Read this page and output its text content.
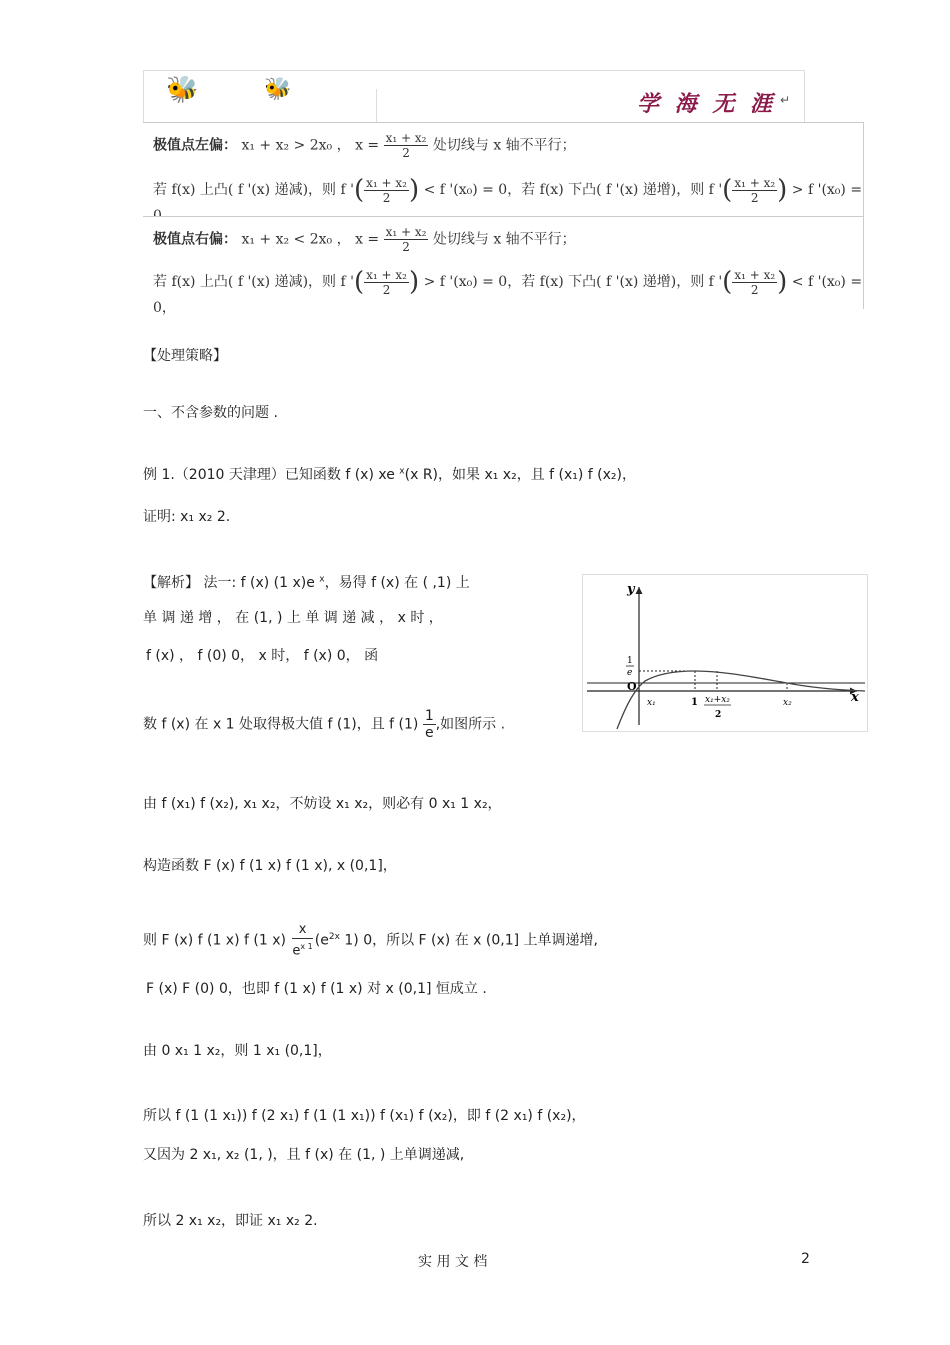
🐝	🐝
学 海 无 涯 ↵
极值点左偏： x₁ + x₂ > 2x₀ ， $x = \frac{\text{x₁ + x₂}}{2}$ 处切线与 x 轴不平行；
若 f(x) 上凸( f '(x) 递减)，则 f '( $\frac{\text{x₁ + x₂}}{2}$ ) < f '(x₀) = 0，若 f(x) 下凸( f '(x) 递增)，则 f '( $\frac{\text{x₁ + x₂}}{2}$ ) > f '(x₀) =
极值点右偏： x₁ + x₂ < 2x₀ ， $x = \frac{\text{x₁ + x₂}}{2}$ 处切线与 x 轴不平行；
若 f(x) 上凸( f '(x) 递减)，则 f '( $\frac{\text{x₁ + x₂}}{2}$ ) > f '(x₀) = 0，若 f(x) 下凸( f '(x) 递增)，则 f '( $\frac{\text{x₁ + x₂}}{2}$ ) < f '(x₀) = 0，
【处理策略】
一、不含参数的问题 .
例 1.（2010 天津理）已知函数 f (x) xe $^x$(x R)，如果 x₁ x₂，且 f (x₁) f (x₂)，
证明: x₁ x₂ 2.
【解析】 法一: f (x) (1 x)e $^x$，易得 f (x) 在 ( ,1) 上
单 调 递 增 ， 在 (1, ) 上 单 调 递 减 ， x 时 ，
f (x) ， f (0) 0， x 时， f (x) 0， 函
数 f (x) 在 x 1 处取得极大值 f (1)，且 f $(1) \frac{1}{e}$ ,如图所示 .
由 f (x₁) f (x₂), x₁ x₂，不妨设 x₁ x₂，则必有 0 x₁ 1 x₂，
构造函数 F (x) f (1 x) f (1 x), x (0,1]，
则 F (x) f (1 x) f (1 $x) \frac{x}{e^{x 1}} (e^{2x}$ 1) 0，所以 F (x) 在 x (0,1] 上单调递增,
F (x) F (0) 0，也即 f (1 x) f (1 x) 对 x (0,1] 恒成立 .
由 0 x₁ 1 x₂，则 1 x₁ (0,1]，
所以 f (1 (1 x₁)) f (2 x₁) f (1 (1 x₁)) f (x₁) f (x₂)，即 f (2 x₁) f (x₂)，
又因为 2 x₁, x₂ (1, )，且 f (x) 在 (1, ) 上单调递减,
所以 2 x₁ x₂，即证 x₁ x₂ 2.
y
x
1
e
O
x₁	1 x₁+x₂
2
x₂
实 用 文 档	2
